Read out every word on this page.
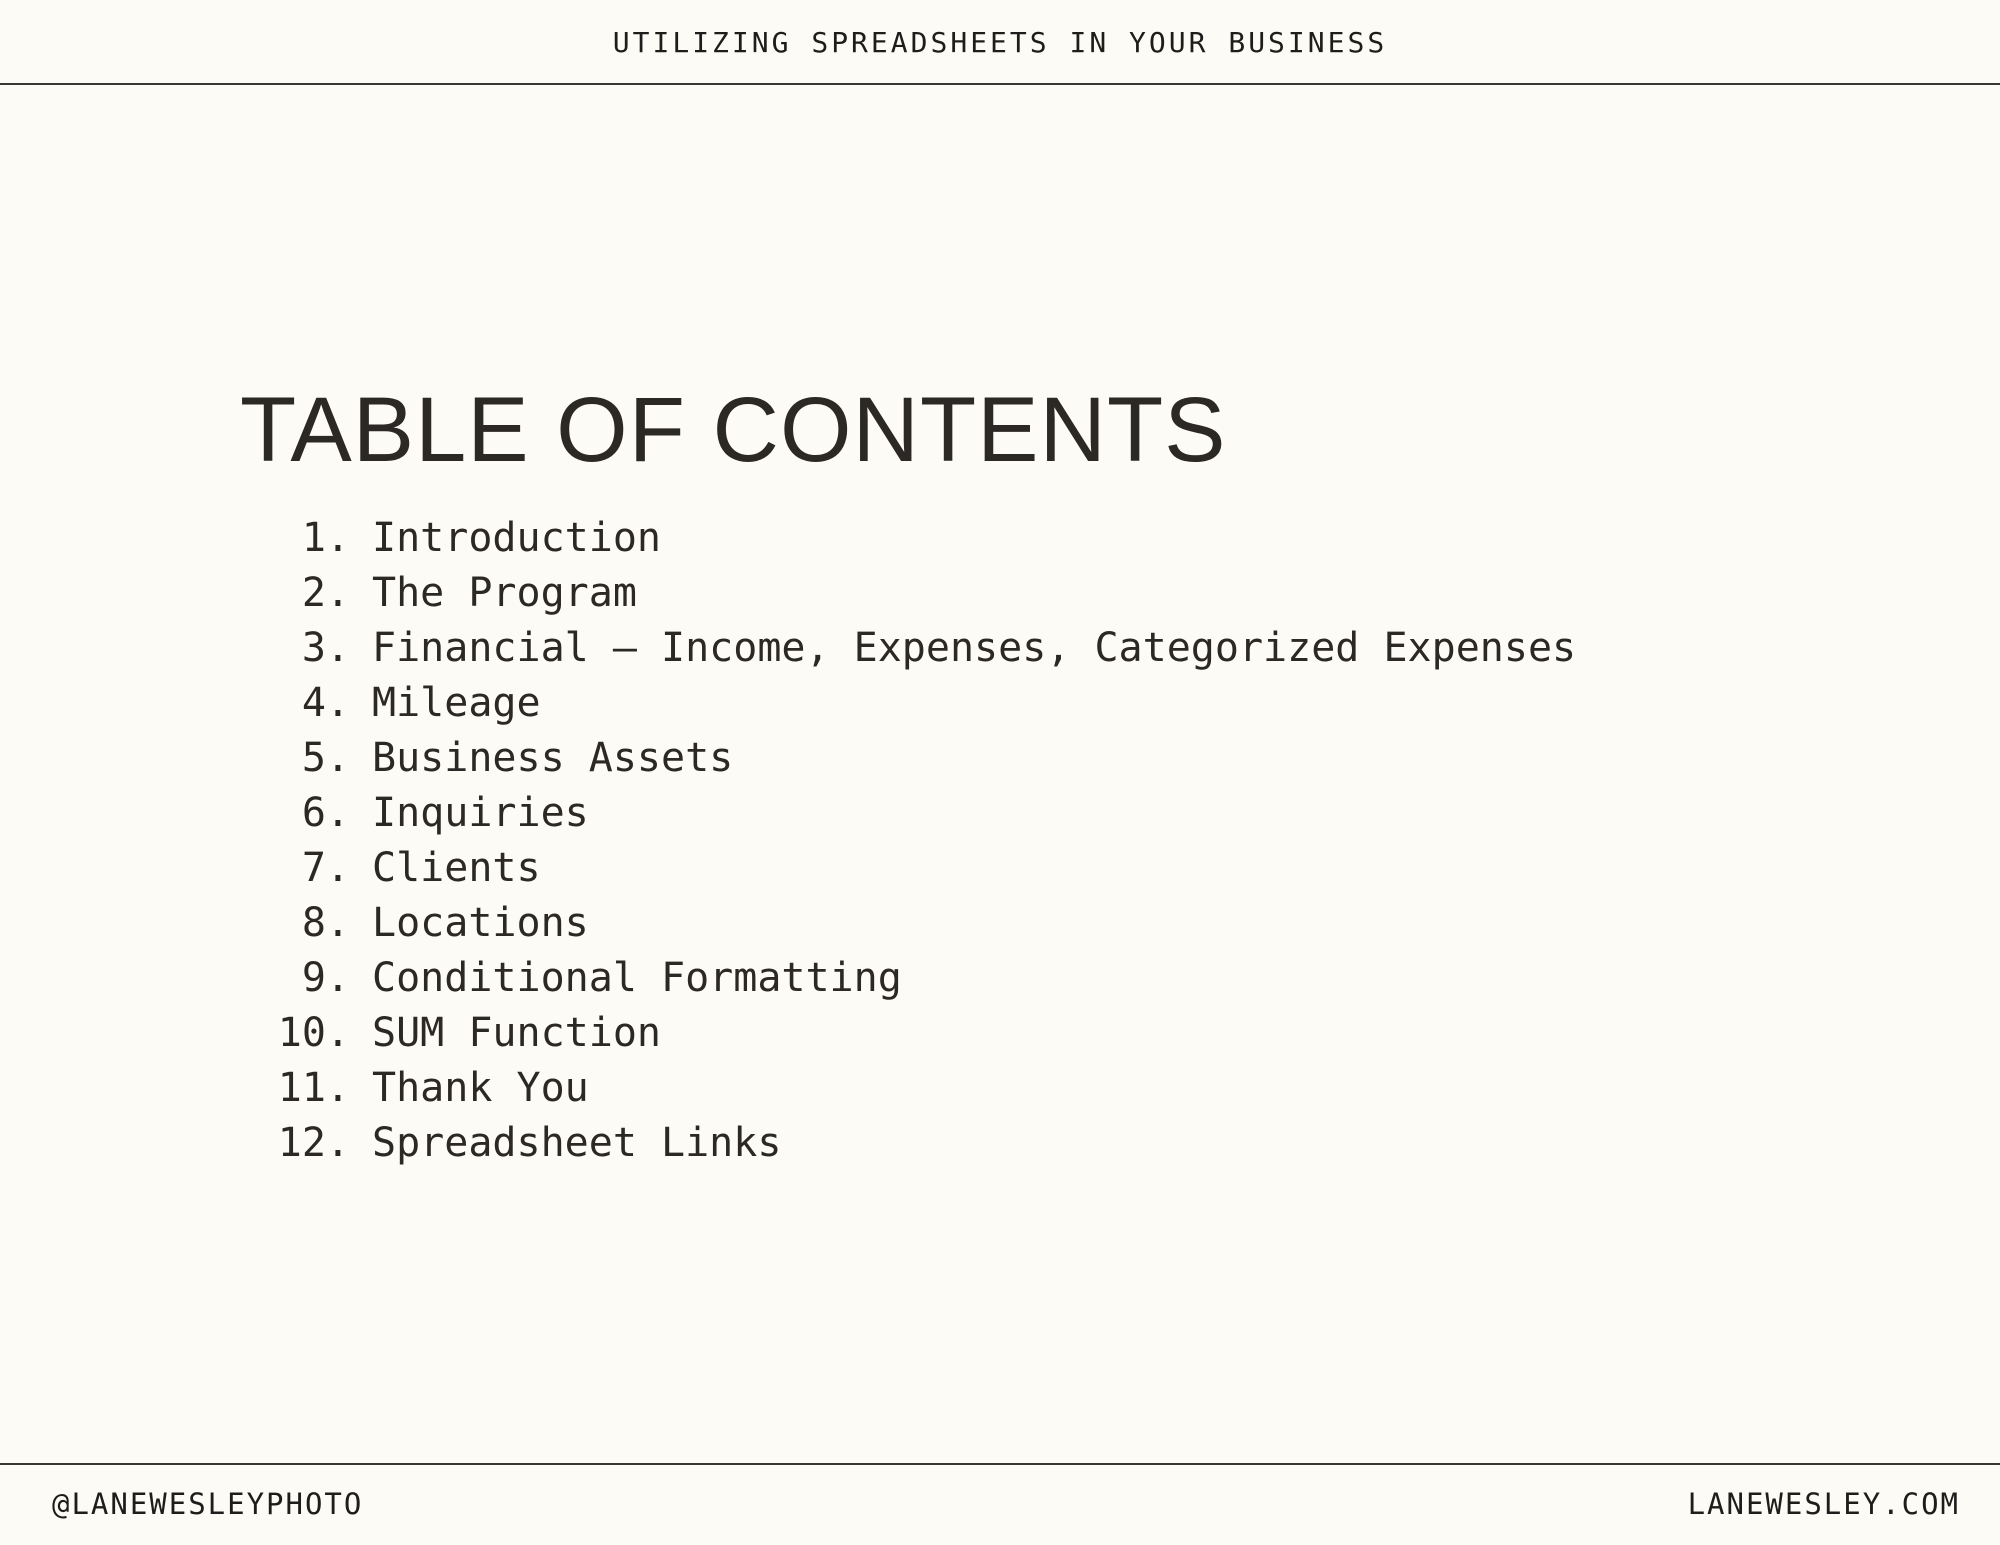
UTILIZING SPREADSHEETS IN YOUR BUSINESS
TABLE OF CONTENTS
1. Introduction
2. The Program
3. Financial – Income, Expenses, Categorized Expenses
4. Mileage
5. Business Assets
6. Inquiries
7. Clients
8. Locations
9. Conditional Formatting
10. SUM Function
11. Thank You
12. Spreadsheet Links
@LANEWESLEYPHOTO	LANEWESLEY.COM
